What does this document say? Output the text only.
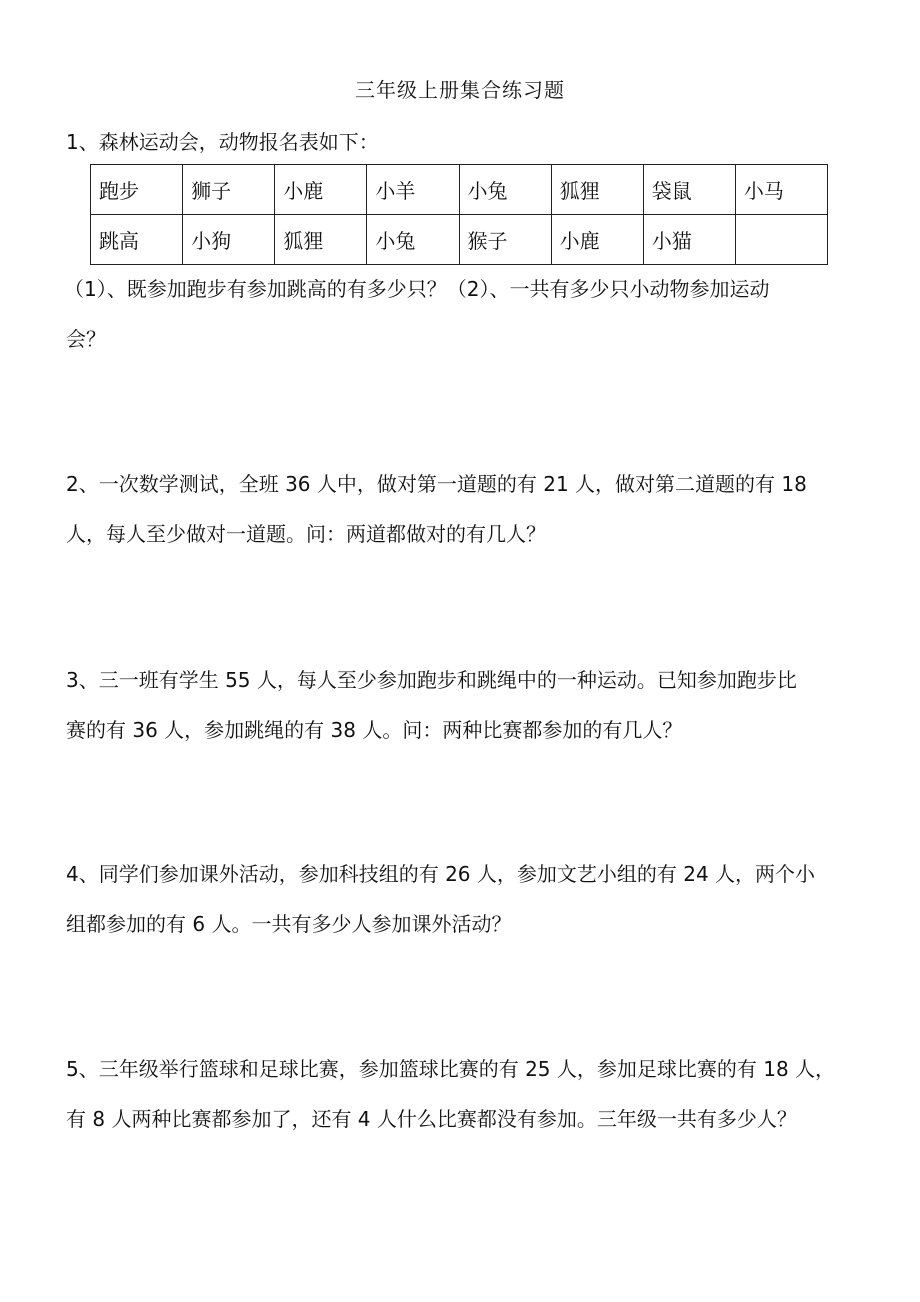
三年级上册集合练习题
1、森林运动会，动物报名表如下：
跑步	狮子	小鹿	小羊	小兔	狐狸	袋鼠	小马
跳高	小狗	狐狸	小兔	猴子	小鹿	小猫	
（1）、既参加跑步有参加跳高的有多少只？（2）、一共有多少只小动物参加运动
会？
2、一次数学测试，全班 36 人中，做对第一道题的有 21 人，做对第二道题的有 18
人，每人至少做对一道题。问：两道都做对的有几人？
3、三一班有学生 55 人，每人至少参加跑步和跳绳中的一种运动。已知参加跑步比
赛的有 36 人，参加跳绳的有 38 人。问：两种比赛都参加的有几人？
4、同学们参加课外活动，参加科技组的有 26 人，参加文艺小组的有 24 人，两个小
组都参加的有 6 人。一共有多少人参加课外活动？
5、三年级举行篮球和足球比赛，参加篮球比赛的有 25 人，参加足球比赛的有 18 人，
有 8 人两种比赛都参加了，还有 4 人什么比赛都没有参加。三年级一共有多少人？
